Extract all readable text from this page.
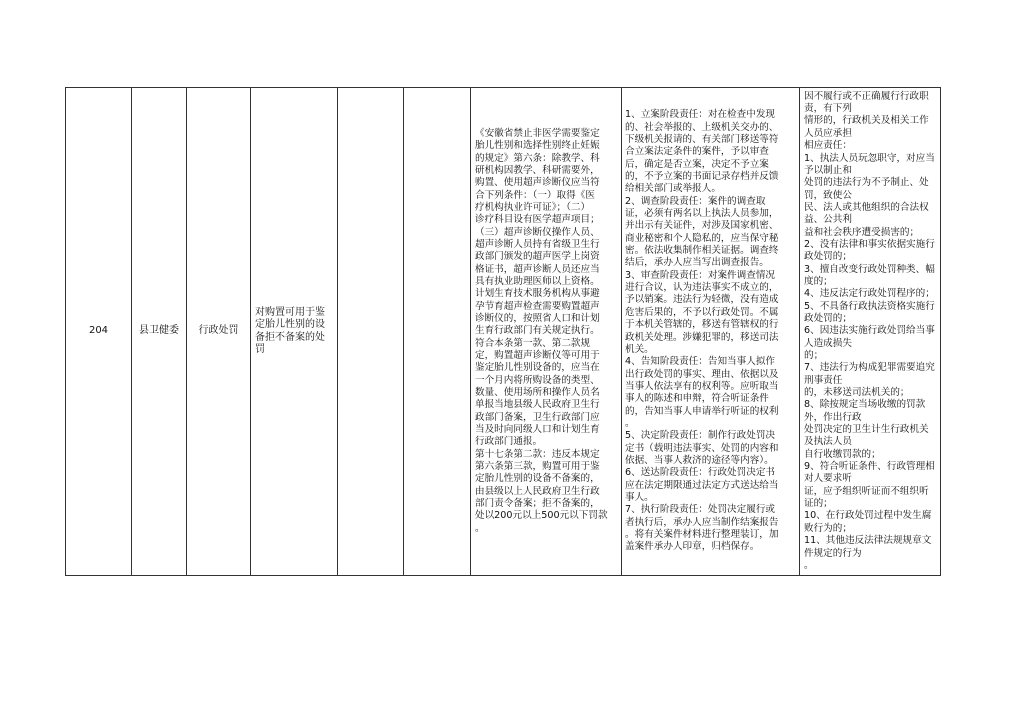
204	县卫健委 行政处罚
对购置可用于鉴定胎儿性别的设备拒不备案的处罚
《安徽省禁止非医学需要鉴定
胎儿性别和选择性别终止妊娠
的规定》第六条：除教学、科
研机构因教学、科研需要外，
购置、使用超声诊断仪应当符
合下列条件：（一）取得《医
疗机构执业许可证》；（二）
诊疗科目设有医学超声项目；
（三）超声诊断仪操作人员、
超声诊断人员持有省级卫生行
政部门颁发的超声医学上岗资
格证书，超声诊断人员还应当
具有执业助理医师以上资格。
计划生育技术服务机构从事避
孕节育超声检查需要购置超声
诊断仪的，按照省人口和计划
生育行政部门有关规定执行。
符合本条第一款、第二款规
定，购置超声诊断仪等可用于
鉴定胎儿性别设备的，应当在
一个月内将所购设备的类型、
数量、使用场所和操作人员名
单报当地县级人民政府卫生行
政部门备案，卫生行政部门应
当及时向同级人口和计划生育
行政部门通报。
第十七条第二款：违反本规定
第六条第三款，购置可用于鉴
定胎儿性别的设备不备案的，
由县级以上人民政府卫生行政
部门责令备案；拒不备案的，
处以200元以上500元以下罚款
。
1、立案阶段责任：对在检查中发现
的、社会举报的、上级机关交办的、
下级机关报请的、有关部门移送等符
合立案法定条件的案件，予以审查
后，确定是否立案，决定不予立案
的，不予立案的书面记录存档并反馈
给相关部门或举报人。
2、调查阶段责任：案件的调查取
证，必须有两名以上执法人员参加，
并出示有关证件，对涉及国家机密、
商业秘密和个人隐私的，应当保守秘
密。依法收集制作相关证据。调查终
结后，承办人应当写出调查报告。
3、审查阶段责任：对案件调查情况
进行合议，认为违法事实不成立的，
予以销案。违法行为轻微，没有造成
危害后果的，不予以行政处罚。不属
于本机关管辖的，移送有管辖权的行
政机关处理。涉嫌犯罪的，移送司法
机关。
4、告知阶段责任：告知当事人拟作
出行政处罚的事实、理由、依据以及
当事人依法享有的权利等。应听取当
事人的陈述和申辩，符合听证条件
的，告知当事人申请举行听证的权利
。
5、决定阶段责任：制作行政处罚决
定书（载明违法事实、处罚的内容和
依据、当事人救济的途径等内容）。
6、送达阶段责任：行政处罚决定书
应在法定期限通过法定方式送达给当
事人。
7、执行阶段责任：处罚决定履行或
者执行后，承办人应当制作结案报告
。将有关案件材料进行整理装订，加
盖案件承办人印章，归档保存。
因不履行或不正确履行行政职责，有下列
情形的，行政机关及相关工作人员应承担
相应责任：
1、执法人员玩忽职守，对应当予以制止和
处罚的违法行为不予制止、处罚，致使公
民、法人或其他组织的合法权益、公共利
益和社会秩序遭受损害的；
2、没有法律和事实依据实施行政处罚的；
3、擅自改变行政处罚种类、幅度的；
4、违反法定行政处罚程序的；
5、不具备行政执法资格实施行政处罚的；
6、因违法实施行政处罚给当事人造成损失
的；
7、违法行为构成犯罪需要追究刑事责任
的，未移送司法机关的；
8、除按规定当场收缴的罚款外，作出行政
处罚决定的卫生计生行政机关及执法人员
自行收缴罚款的；
9、符合听证条件、行政管理相对人要求听
证，应予组织听证而不组织听证的；
10、在行政处罚过程中发生腐败行为的；
11、其他违反法律法规规章文件规定的行为
。
